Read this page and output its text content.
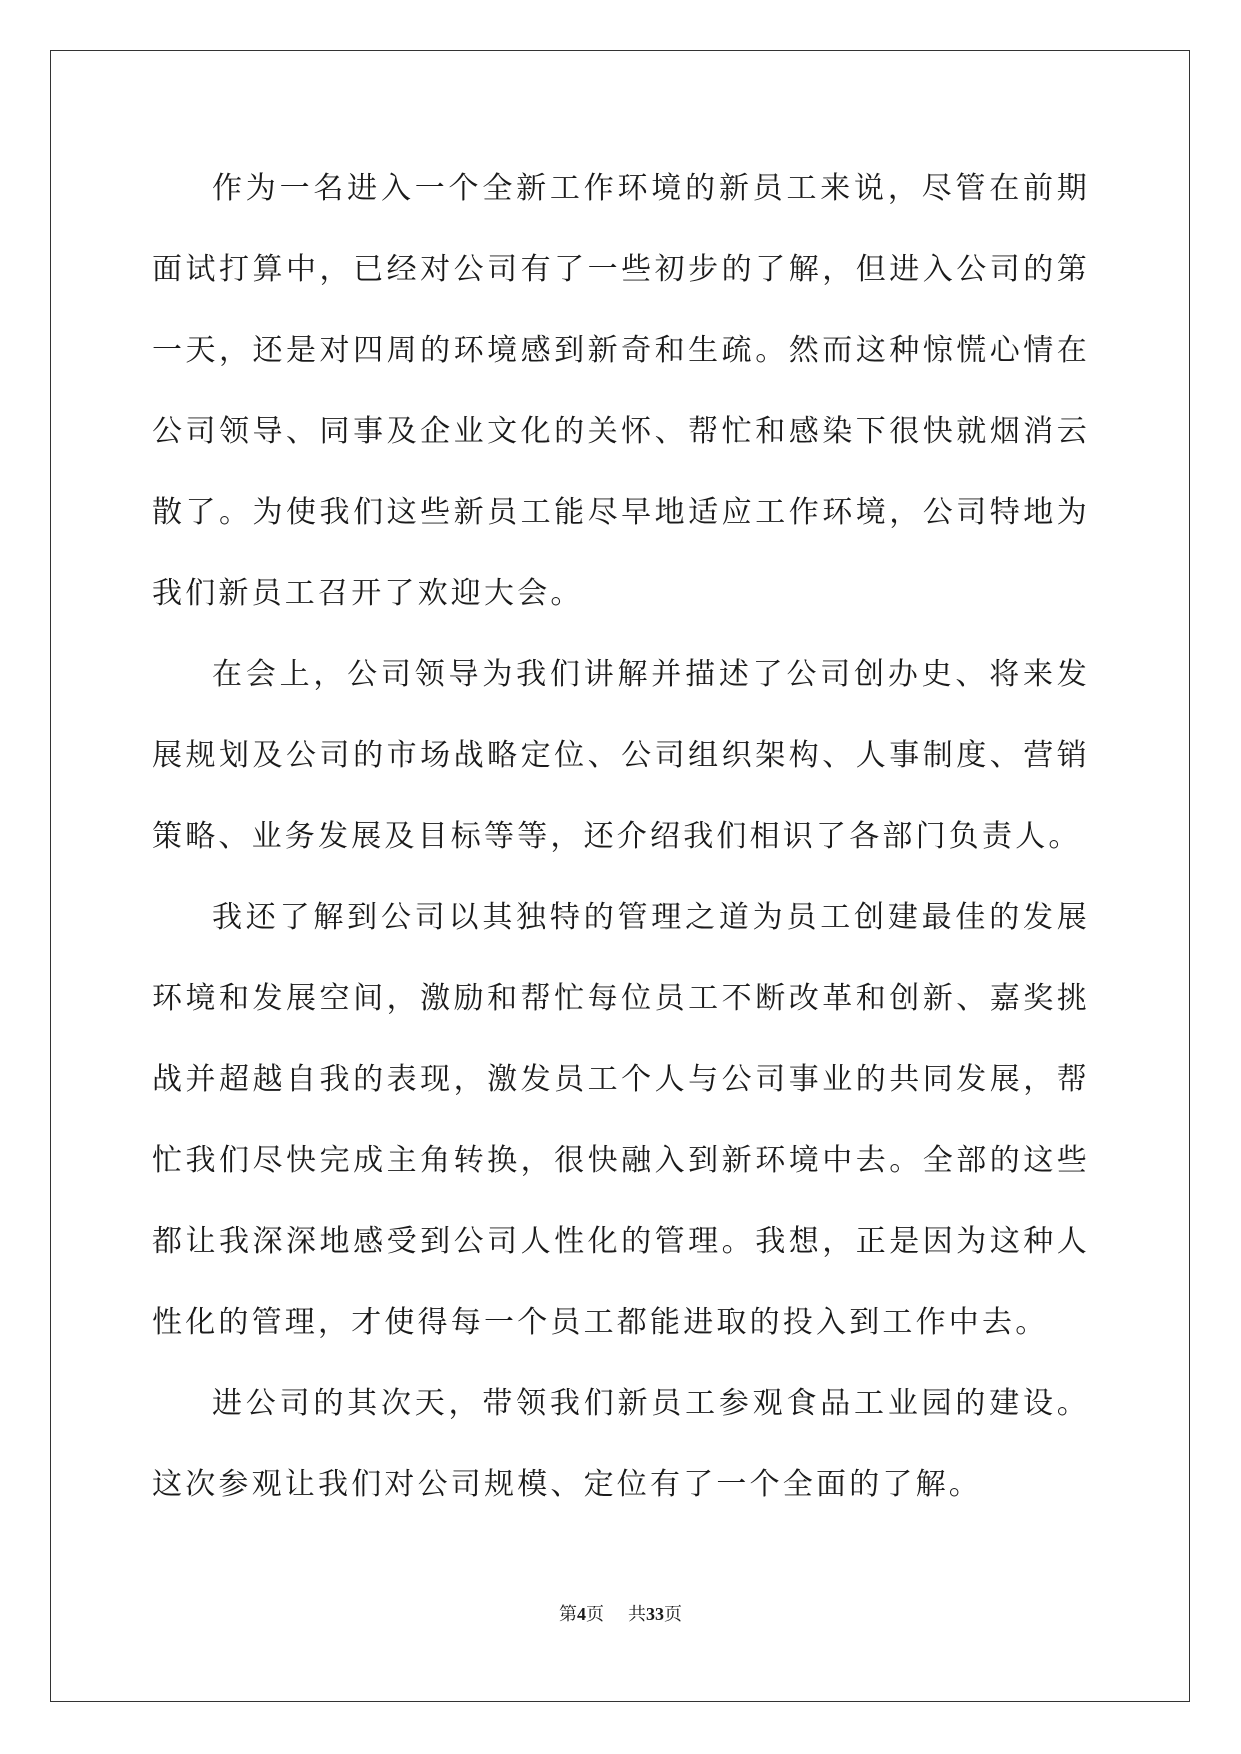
作为一名进入一个全新工作环境的新员工来说，尽管在前期面试打算中，已经对公司有了一些初步的了解，但进入公司的第一天，还是对四周的环境感到新奇和生疏。然而这种惊慌心情在公司领导、同事及企业文化的关怀、帮忙和感染下很快就烟消云散了。为使我们这些新员工能尽早地适应工作环境，公司特地为我们新员工召开了欢迎大会。

在会上，公司领导为我们讲解并描述了公司创办史、将来发展规划及公司的市场战略定位、公司组织架构、人事制度、营销策略、业务发展及目标等等，还介绍我们相识了各部门负责人。

我还了解到公司以其独特的管理之道为员工创建最佳的发展环境和发展空间，激励和帮忙每位员工不断改革和创新、嘉奖挑战并超越自我的表现，激发员工个人与公司事业的共同发展，帮忙我们尽快完成主角转换，很快融入到新环境中去。全部的这些都让我深深地感受到公司人性化的管理。我想，正是因为这种人性化的管理，才使得每一个员工都能进取的投入到工作中去。

进公司的其次天，带领我们新员工参观食品工业园的建设。这次参观让我们对公司规模、定位有了一个全面的了解。

第4页 共33页
